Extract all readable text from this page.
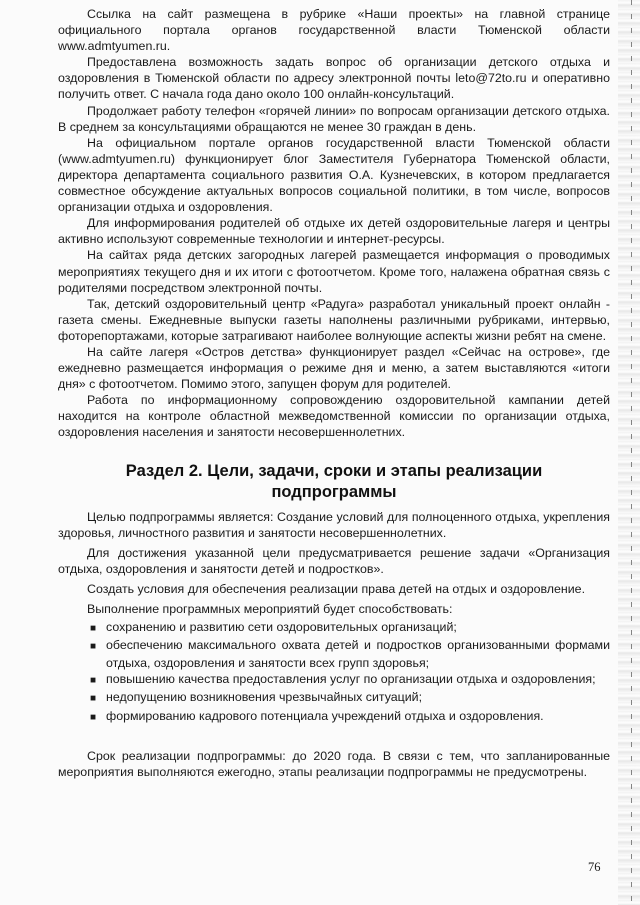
Ссылка на сайт размещена в рубрике «Наши проекты» на главной странице официального портала органов государственной власти Тюменской области www.admtyumen.ru.

Предоставлена возможность задать вопрос об организации детского отдыха и оздоровления в Тюменской области по адресу электронной почты leto@72to.ru и оперативно получить ответ. С начала года дано около 100 онлайн-консультаций.

Продолжает работу телефон «горячей линии» по вопросам организации детского отдыха. В среднем за консультациями обращаются не менее 30 граждан в день.

На официальном портале органов государственной власти Тюменской области (www.admtyumen.ru) функционирует блог Заместителя Губернатора Тюменской области, директора департамента социального развития О.А. Кузнечевских, в котором предлагается совместное обсуждение актуальных вопросов социальной политики, в том числе, вопросов организации отдыха и оздоровления.

Для информирования родителей об отдыхе их детей оздоровительные лагеря и центры активно используют современные технологии и интернет-ресурсы.

На сайтах ряда детских загородных лагерей размещается информация о проводимых мероприятиях текущего дня и их итоги с фотоотчетом. Кроме того, налажена обратная связь с родителями посредством электронной почты.

Так, детский оздоровительный центр «Радуга» разработал уникальный проект онлайн - газета смены. Ежедневные выпуски газеты наполнены различными рубриками, интервью, фоторепортажами, которые затрагивают наиболее волнующие аспекты жизни ребят на смене.

На сайте лагеря «Остров детства» функционирует раздел «Сейчас на острове», где ежедневно размещается информация о режиме дня и меню, а затем выставляются «итоги дня» с фотоотчетом. Помимо этого, запущен форум для родителей.

Работа по информационному сопровождению оздоровительной кампании детей находится на контроле областной межведомственной комиссии по организации отдыха, оздоровления населения и занятости несовершеннолетних.

Раздел 2. Цели, задачи, сроки и этапы реализации подпрограммы

Целью подпрограммы является: Создание условий для полноценного отдыха, укрепления здоровья, личностного развития и занятости несовершеннолетних.

Для достижения указанной цели предусматривается решение задачи «Организация отдыха, оздоровления и занятости детей и подростков».

Создать условия для обеспечения реализации права детей на отдых и оздоровление.

Выполнение программных мероприятий будет способствовать:

■ сохранению и развитию сети оздоровительных организаций;
■ обеспечению максимального охвата детей и подростков организованными формами отдыха, оздоровления и занятости всех групп здоровья;
■ повышению качества предоставления услуг по организации отдыха и оздоровления;
■ недопущению возникновения чрезвычайных ситуаций;
■ формированию кадрового потенциала учреждений отдыха и оздоровления.

Срок реализации подпрограммы: до 2020 года. В связи с тем, что запланированные мероприятия выполняются ежегодно, этапы реализации подпрограммы не предусмотрены.

76
